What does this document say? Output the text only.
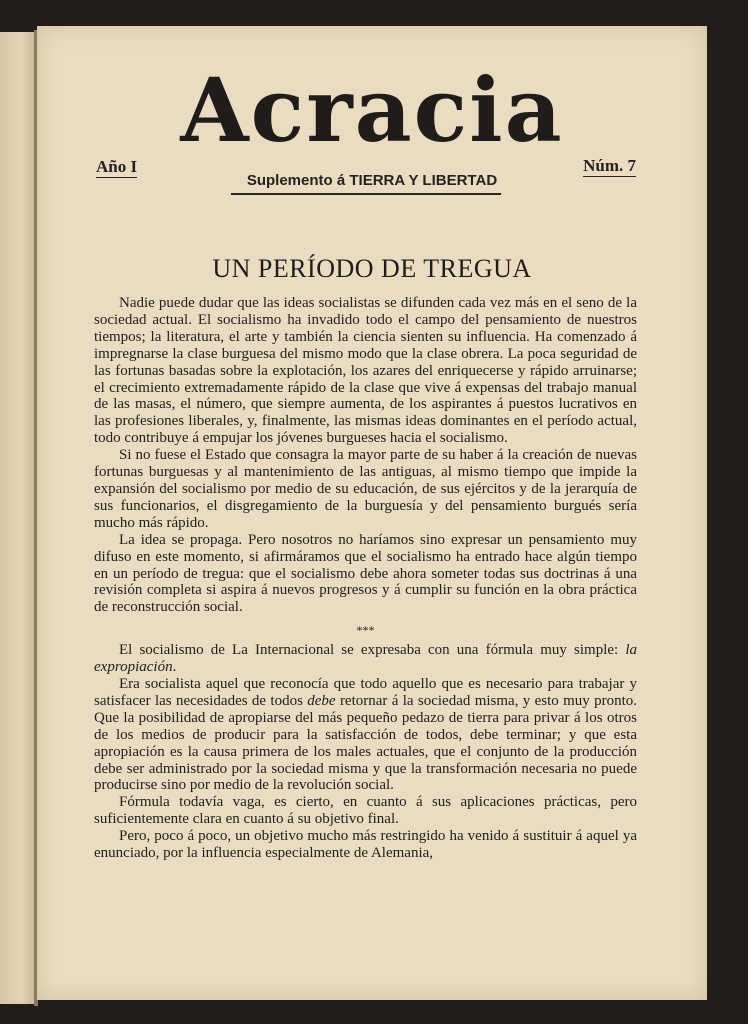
Acracia
Año I	Núm. 7
Suplemento á TIERRA Y LIBERTAD
UN PERÍODO DE TREGUA

Nadie puede dudar que las ideas socialistas se difunden cada vez más en el seno de la sociedad actual. El socialismo ha invadido todo el campo del pensamiento de nuestros tiempos; la literatura, el arte y también la ciencia sienten su influencia. Ha comenzado á impregnarse la clase burguesa del mismo modo que la clase obrera. La poca seguridad de las fortunas basadas sobre la explotación, los azares del enriquecerse y rápido arruinarse; el crecimiento extremadamente rápido de la clase que vive á expensas del trabajo manual de las masas, el número, que siempre aumenta, de los aspirantes á puestos lucrativos en las profesiones liberales, y, finalmente, las mismas ideas dominantes en el período actual, todo contribuye á empujar los jóvenes burgueses hacia el socialismo.

Si no fuese el Estado que consagra la mayor parte de su haber á la creación de nuevas fortunas burguesas y al mantenimiento de las antiguas, al mismo tiempo que impide la expansión del socialismo por medio de su educación, de sus ejércitos y de la jerarquía de sus funcionarios, el disgregamiento de la burguesía y del pensamiento burgués sería mucho más rápido.

La idea se propaga. Pero nosotros no haríamos sino expresar un pensamiento muy difuso en este momento, si afirmáramos que el socialismo ha entrado hace algún tiempo en un período de tregua: que el socialismo debe ahora someter todas sus doctrinas á una revisión completa si aspira á nuevos progresos y á cumplir su función en la obra práctica de reconstrucción social.

***

El socialismo de La Internacional se expresaba con una fórmula muy simple: la expropiación.

Era socialista aquel que reconocía que todo aquello que es necesario para trabajar y satisfacer las necesidades de todos debe retornar á la sociedad misma, y esto muy pronto. Que la posibilidad de apropiarse del más pequeño pedazo de tierra para privar á los otros de los medios de producir para la satisfacción de todos, debe terminar; y que esta apropiación es la causa primera de los males actuales, que el conjunto de la producción debe ser administrado por la sociedad misma y que la transformación necesaria no puede producirse sino por medio de la revolución social.

Fórmula todavía vaga, es cierto, en cuanto á sus aplicaciones prácticas, pero suficientemente clara en cuanto á su objetivo final.

Pero, poco á poco, un objetivo mucho más restringido ha venido á sustituir á aquel ya enunciado, por la influencia especialmente de Alemania,
